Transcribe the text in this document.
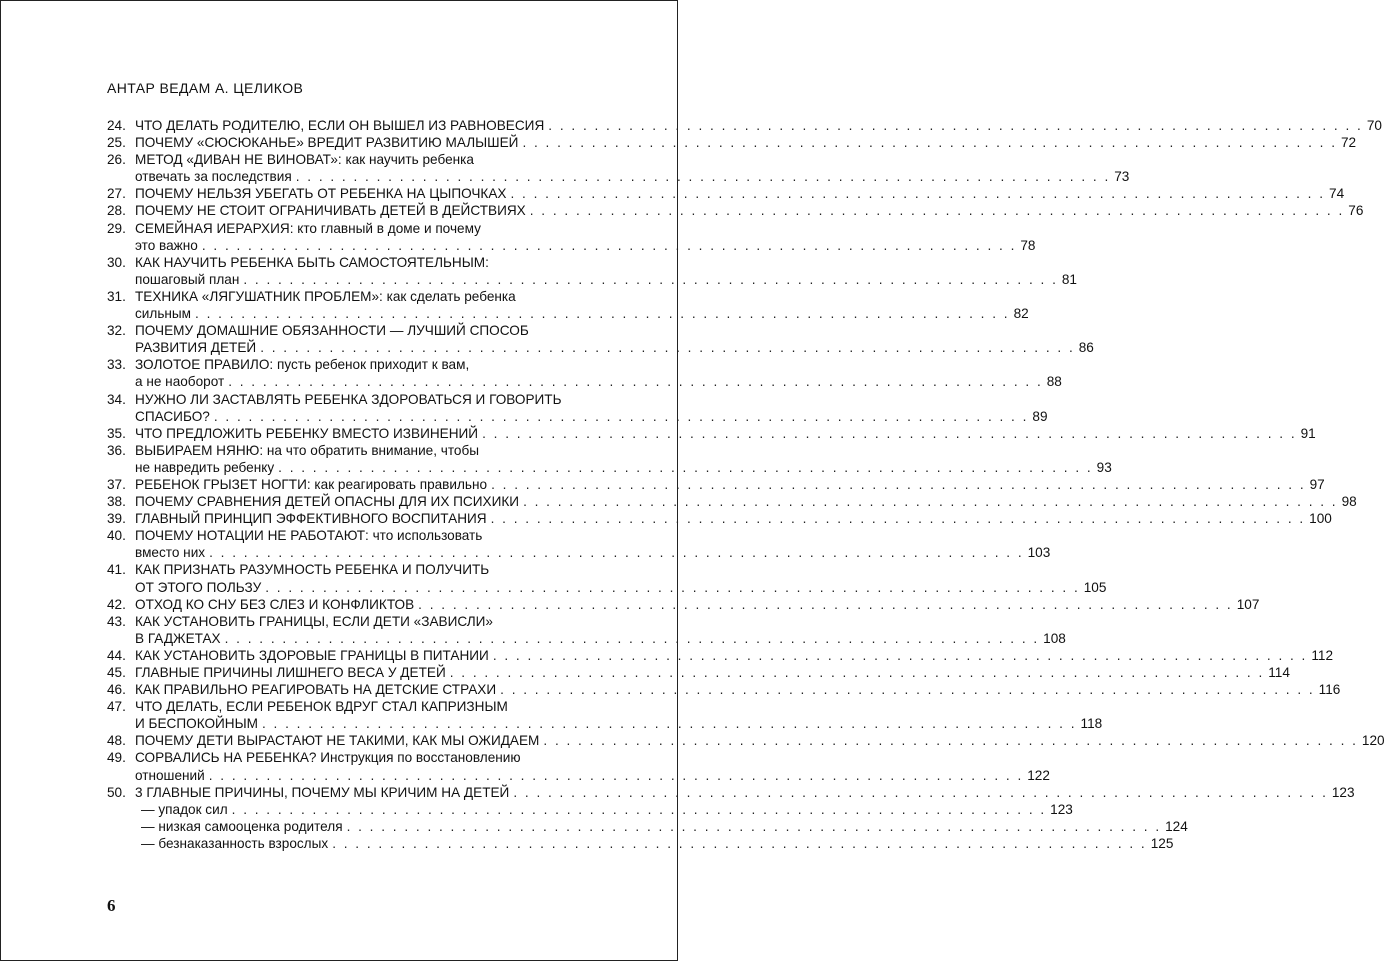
АНТАР ВЕДАМ А. ЦЕЛИКОВ
24. ЧТО ДЕЛАТЬ РОДИТЕЛЮ, ЕСЛИ ОН ВЫШЕЛ ИЗ РАВНОВЕСИЯ . . . . . . . . . . . . . . . . . . . . . . . . . . . . . . . . . . . . . . . . . . . . . . . . . . . . . . . . . . . . . . . . . . . . . . . 70
25. ПОЧЕМУ «СЮСЮКАНЬЕ» ВРЕДИТ РАЗВИТИЮ МАЛЫШЕЙ . . . . . . . . . . . . . . . . . . . . . . . . . . . . . . . . . . . . . . . . . . . . . . . . . . . . . . . . . . . . . . . . . . . . . . . 72
26. МЕТОД «ДИВАН НЕ ВИНОВАТ»: как научить ребенка
отвечать за последствия . . . . . . . . . . . . . . . . . . . . . . . . . . . . . . . . . . . . . . . . . . . . . . . . . . . . . . . . . . . . . . . . . . . . . . . 73
27. ПОЧЕМУ НЕЛЬЗЯ УБЕГАТЬ ОТ РЕБЕНКА НА ЦЫПОЧКАХ . . . . . . . . . . . . . . . . . . . . . . . . . . . . . . . . . . . . . . . . . . . . . . . . . . . . . . . . . . . . . . . . . . . . . . . 74
28. ПОЧЕМУ НЕ СТОИТ ОГРАНИЧИВАТЬ ДЕТЕЙ В ДЕЙСТВИЯХ . . . . . . . . . . . . . . . . . . . . . . . . . . . . . . . . . . . . . . . . . . . . . . . . . . . . . . . . . . . . . . . . . . . . . . . 76
29. СЕМЕЙНАЯ ИЕРАРХИЯ: кто главный в доме и почему
это важно . . . . . . . . . . . . . . . . . . . . . . . . . . . . . . . . . . . . . . . . . . . . . . . . . . . . . . . . . . . . . . . . . . . . . . . 78
30. КАК НАУЧИТЬ РЕБЕНКА БЫТЬ САМОСТОЯТЕЛЬНЫМ:
пошаговый план . . . . . . . . . . . . . . . . . . . . . . . . . . . . . . . . . . . . . . . . . . . . . . . . . . . . . . . . . . . . . . . . . . . . . . . 81
31. ТЕХНИКА «ЛЯГУШАТНИК ПРОБЛЕМ»: как сделать ребенка
сильным . . . . . . . . . . . . . . . . . . . . . . . . . . . . . . . . . . . . . . . . . . . . . . . . . . . . . . . . . . . . . . . . . . . . . . . 82
32. ПОЧЕМУ ДОМАШНИЕ ОБЯЗАННОСТИ — ЛУЧШИЙ СПОСОБ
РАЗВИТИЯ ДЕТЕЙ . . . . . . . . . . . . . . . . . . . . . . . . . . . . . . . . . . . . . . . . . . . . . . . . . . . . . . . . . . . . . . . . . . . . . . . 86
33. ЗОЛОТОЕ ПРАВИЛО: пусть ребенок приходит к вам,
а не наоборот . . . . . . . . . . . . . . . . . . . . . . . . . . . . . . . . . . . . . . . . . . . . . . . . . . . . . . . . . . . . . . . . . . . . . . . 88
34. НУЖНО ЛИ ЗАСТАВЛЯТЬ РЕБЕНКА ЗДОРОВАТЬСЯ И ГОВОРИТЬ
СПАСИБО? . . . . . . . . . . . . . . . . . . . . . . . . . . . . . . . . . . . . . . . . . . . . . . . . . . . . . . . . . . . . . . . . . . . . . . . 89
35. ЧТО ПРЕДЛОЖИТЬ РЕБЕНКУ ВМЕСТО ИЗВИНЕНИЙ . . . . . . . . . . . . . . . . . . . . . . . . . . . . . . . . . . . . . . . . . . . . . . . . . . . . . . . . . . . . . . . . . . . . . . . 91
36. ВЫБИРАЕМ НЯНЮ: на что обратить внимание, чтобы
не навредить ребенку . . . . . . . . . . . . . . . . . . . . . . . . . . . . . . . . . . . . . . . . . . . . . . . . . . . . . . . . . . . . . . . . . . . . . . . 93
37. РЕБЕНОК ГРЫЗЕТ НОГТИ: как реагировать правильно . . . . . . . . . . . . . . . . . . . . . . . . . . . . . . . . . . . . . . . . . . . . . . . . . . . . . . . . . . . . . . . . . . . . . . . 97
38. ПОЧЕМУ СРАВНЕНИЯ ДЕТЕЙ ОПАСНЫ ДЛЯ ИХ ПСИХИКИ . . . . . . . . . . . . . . . . . . . . . . . . . . . . . . . . . . . . . . . . . . . . . . . . . . . . . . . . . . . . . . . . . . . . . . . 98
39. ГЛАВНЫЙ ПРИНЦИП ЭФФЕКТИВНОГО ВОСПИТАНИЯ . . . . . . . . . . . . . . . . . . . . . . . . . . . . . . . . . . . . . . . . . . . . . . . . . . . . . . . . . . . . . . . . . . . . . . . 100
40. ПОЧЕМУ НОТАЦИИ НЕ РАБОТАЮТ: что использовать
вместо них . . . . . . . . . . . . . . . . . . . . . . . . . . . . . . . . . . . . . . . . . . . . . . . . . . . . . . . . . . . . . . . . . . . . . . . 103
41. КАК ПРИЗНАТЬ РАЗУМНОСТЬ РЕБЕНКА И ПОЛУЧИТЬ
ОТ ЭТОГО ПОЛЬЗУ . . . . . . . . . . . . . . . . . . . . . . . . . . . . . . . . . . . . . . . . . . . . . . . . . . . . . . . . . . . . . . . . . . . . . . . 105
42. ОТХОД КО СНУ БЕЗ СЛЕЗ И КОНФЛИКТОВ . . . . . . . . . . . . . . . . . . . . . . . . . . . . . . . . . . . . . . . . . . . . . . . . . . . . . . . . . . . . . . . . . . . . . . . 107
43. КАК УСТАНОВИТЬ ГРАНИЦЫ, ЕСЛИ ДЕТИ «ЗАВИСЛИ»
В ГАДЖЕТАХ . . . . . . . . . . . . . . . . . . . . . . . . . . . . . . . . . . . . . . . . . . . . . . . . . . . . . . . . . . . . . . . . . . . . . . . 108
44. КАК УСТАНОВИТЬ ЗДОРОВЫЕ ГРАНИЦЫ В ПИТАНИИ . . . . . . . . . . . . . . . . . . . . . . . . . . . . . . . . . . . . . . . . . . . . . . . . . . . . . . . . . . . . . . . . . . . . . . . 112
45. ГЛАВНЫЕ ПРИЧИНЫ ЛИШНЕГО ВЕСА У ДЕТЕЙ . . . . . . . . . . . . . . . . . . . . . . . . . . . . . . . . . . . . . . . . . . . . . . . . . . . . . . . . . . . . . . . . . . . . . . . 114
46. КАК ПРАВИЛЬНО РЕАГИРОВАТЬ НА ДЕТСКИЕ СТРАХИ . . . . . . . . . . . . . . . . . . . . . . . . . . . . . . . . . . . . . . . . . . . . . . . . . . . . . . . . . . . . . . . . . . . . . . . 116
47. ЧТО ДЕЛАТЬ, ЕСЛИ РЕБЕНОК ВДРУГ СТАЛ КАПРИЗНЫМ
И БЕСПОКОЙНЫМ . . . . . . . . . . . . . . . . . . . . . . . . . . . . . . . . . . . . . . . . . . . . . . . . . . . . . . . . . . . . . . . . . . . . . . . 118
48. ПОЧЕМУ ДЕТИ ВЫРАСТАЮТ НЕ ТАКИМИ, КАК МЫ ОЖИДАЕМ . . . . . . . . . . . . . . . . . . . . . . . . . . . . . . . . . . . . . . . . . . . . . . . . . . . . . . . . . . . . . . . . . . . . . . . 120
49. СОРВАЛИСЬ НА РЕБЕНКА? Инструкция по восстановлению
отношений . . . . . . . . . . . . . . . . . . . . . . . . . . . . . . . . . . . . . . . . . . . . . . . . . . . . . . . . . . . . . . . . . . . . . . . 122
50. 3 ГЛАВНЫЕ ПРИЧИНЫ, ПОЧЕМУ МЫ КРИЧИМ НА ДЕТЕЙ . . . . . . . . . . . . . . . . . . . . . . . . . . . . . . . . . . . . . . . . . . . . . . . . . . . . . . . . . . . . . . . . . . . . . . . 123
— упадок сил . . . . . . . . . . . . . . . . . . . . . . . . . . . . . . . . . . . . . . . . . . . . . . . . . . . . . . . . . . . . . . . . . . . . . . . 123
— низкая самооценка родителя . . . . . . . . . . . . . . . . . . . . . . . . . . . . . . . . . . . . . . . . . . . . . . . . . . . . . . . . . . . . . . . . . . . . . . . 124
— безнаказанность взрослых . . . . . . . . . . . . . . . . . . . . . . . . . . . . . . . . . . . . . . . . . . . . . . . . . . . . . . . . . . . . . . . . . . . . . . . 125
6
